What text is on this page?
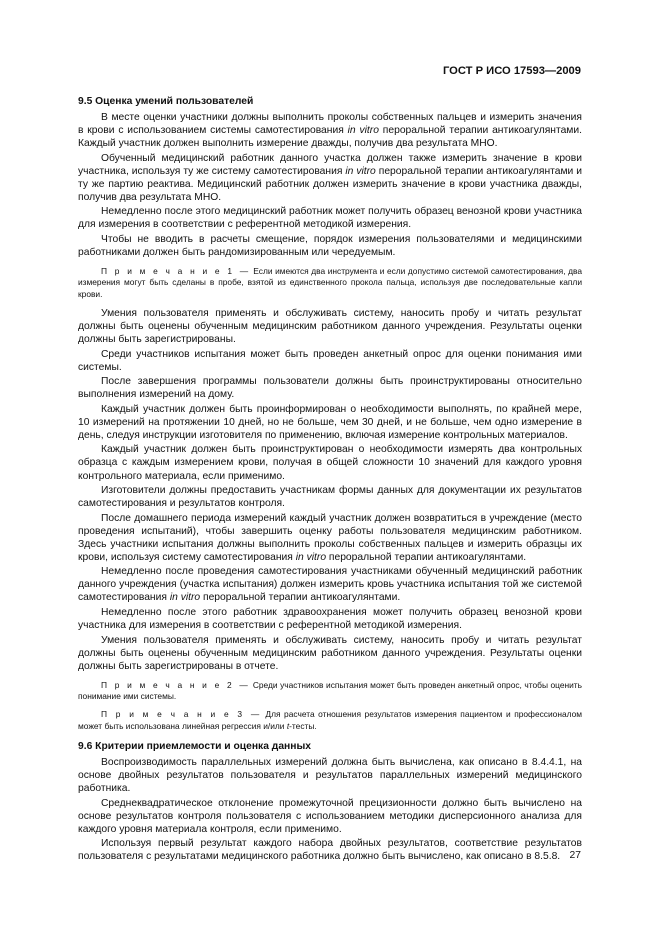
ГОСТ Р ИСО 17593—2009
9.5 Оценка умений пользователей

В месте оценки участники должны выполнить проколы собственных пальцев и измерить значения в крови с использованием системы самотестирования in vitro пероральной терапии антикоагулянтами. Каждый участник должен выполнить измерение дважды, получив два результата МНО.

Обученный медицинский работник данного участка должен также измерить значение в крови участника, используя ту же систему самотестирования in vitro пероральной терапии антикоагулянтами и ту же партию реактива. Медицинский работник должен измерить значение в крови участника дважды, получив два результата МНО.

Немедленно после этого медицинский работник может получить образец венозной крови участника для измерения в соответствии с референтной методикой измерения.

Чтобы не вводить в расчеты смещение, порядок измерения пользователями и медицинскими работниками должен быть рандомизированным или чередуемым.

П р и м е ч а н и е 1 — Если имеются два инструмента и если допустимо системой самотестирования, два измерения могут быть сделаны в пробе, взятой из единственного прокола пальца, используя две последовательные капли крови.

Умения пользователя применять и обслуживать систему, наносить пробу и читать результат должны быть оценены обученным медицинским работником данного учреждения. Результаты оценки должны быть зарегистрированы.

Среди участников испытания может быть проведен анкетный опрос для оценки понимания ими системы.

После завершения программы пользователи должны быть проинструктированы относительно выполнения измерений на дому.

Каждый участник должен быть проинформирован о необходимости выполнять, по крайней мере, 10 измерений на протяжении 10 дней, но не больше, чем 30 дней, и не больше, чем одно измерение в день, следуя инструкции изготовителя по применению, включая измерение контрольных материалов.

Каждый участник должен быть проинструктирован о необходимости измерять два контрольных образца с каждым измерением крови, получая в общей сложности 10 значений для каждого уровня контрольного материала, если применимо.

Изготовители должны предоставить участникам формы данных для документации их результатов самотестирования и результатов контроля.

После домашнего периода измерений каждый участник должен возвратиться в учреждение (место проведения испытаний), чтобы завершить оценку работы пользователя медицинским работником. Здесь участники испытания должны выполнить проколы собственных пальцев и измерить образцы их крови, используя систему самотестирования in vitro пероральной терапии антикоагулянтами.

Немедленно после проведения самотестирования участниками обученный медицинский работник данного учреждения (участка испытания) должен измерить кровь участника испытания той же системой самотестирования in vitro пероральной терапии антикоагулянтами.

Немедленно после этого работник здравоохранения может получить образец венозной крови участника для измерения в соответствии с референтной методикой измерения.

Умения пользователя применять и обслуживать систему, наносить пробу и читать результат должны быть оценены обученным медицинским работником данного учреждения. Результаты оценки должны быть зарегистрированы в отчете.

П р и м е ч а н и е 2 — Среди участников испытания может быть проведен анкетный опрос, чтобы оценить понимание ими системы.

П р и м е ч а н и е 3 — Для расчета отношения результатов измерения пациентом и профессионалом может быть использована линейная регрессия и/или t-тесты.

9.6 Критерии приемлемости и оценка данных

Воспроизводимость параллельных измерений должна быть вычислена, как описано в 8.4.4.1, на основе двойных результатов пользователя и результатов параллельных измерений медицинского работника.

Среднеквадратическое отклонение промежуточной прецизионности должно быть вычислено на основе результатов контроля пользователя с использованием методики дисперсионного анализа для каждого уровня материала контроля, если применимо.

Используя первый результат каждого набора двойных результатов, соответствие результатов пользователя с результатами медицинского работника должно быть вычислено, как описано в 8.5.8. 27
